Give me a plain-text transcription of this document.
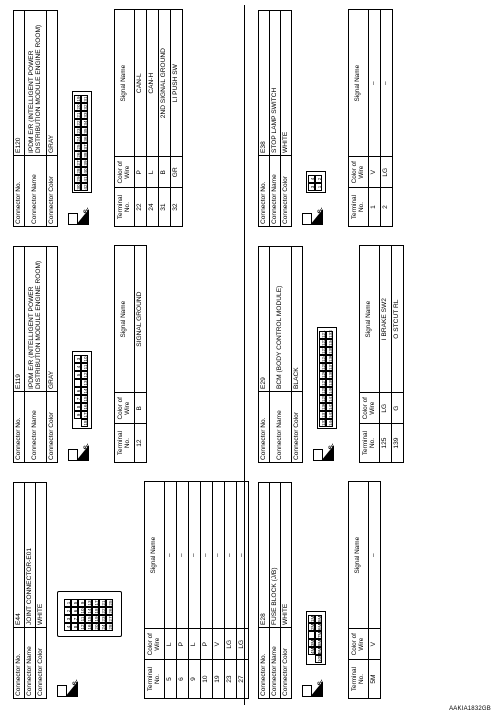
Connector No.	E28
Connector Name	FUSE BLOCK (J/B)
Connector Color	WHITE
H.S.
4M
3M
2M
1M
10M
9M
8M
7M
6M
5M
Terminal No.	Color of Wire	Signal Name
5M	V	–
Connector No.	E29
Connector Name	BCM (BODY CONTROL MODULE)
Connector Color	BLACK
H.S.
132
131
130
129
128
127
126
125
124
123
122
121
144
143
142
141
140
139
138
137
136
135
134
133
Terminal No.	Color of Wire	Signal Name
125	LG	I BRAKE SW2
139	G	O STCUT RL
Connector No.	E38
Connector Name	STOP LAMP SWITCH
Connector Color	WHITE
H.S.
3
4
1
2
Terminal No.	Color of Wire	Signal Name
1	V	–
2	LG	–
Connector No.	E44
Connector Name	JOINT CONNECTOR-E01
Connector Color	WHITE
H.S.
4
3
2
1
8
7
6
5
12
11
10
9
16
15
14
13
20
19
18
17
24
23
22
21
28
27
26
25
Terminal No.	Color of Wire	Signal Name
5	L	–
6	P	–
9	L	–
10	P	–
19	V	–
23	LG	–
27	LG	–
Connector No.	E119
Connector Name	IPDM E/R (INTELLIGENT POWER DISTRIBUTION MODULE ENGINE ROOM)
Connector Color	GRAY
H.S.
9
8
7
6
5
4
3
18
17
16
15
14
13
12
11
10
Terminal No.	Color of Wire	Signal Name
12	B	SIGNAL GROUND
Connector No.	E120
Connector Name	IPDM E/R (INTELLIGENT POWER DISTRIBUTION MODULE ENGINE ROOM)
Connector Color	GRAY
H.S.
30
29
28
27
26
25
24
23
22
21
20
19
42
41
40
39
38
37
36
35
34
33
32
31
Terminal No.	Color of Wire	Signal Name
22	P	CAN-L
24	L	CAN-H
31	B	2ND SIGNAL GROUND
32	GR	LI PUSH SW
AAKIA1832GB
